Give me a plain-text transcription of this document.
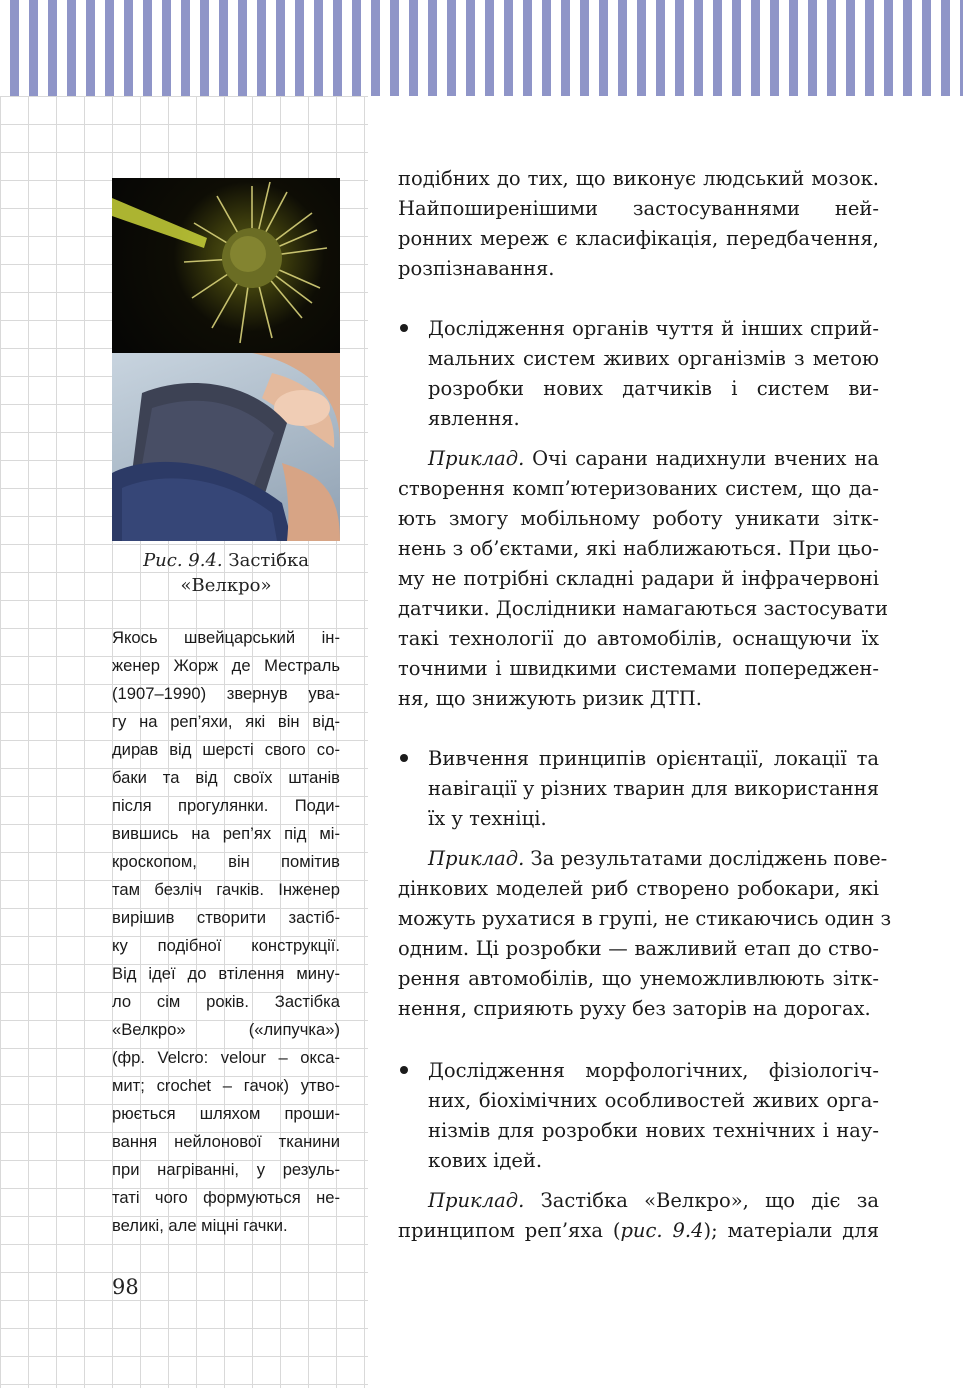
Рис. 9.4. Застібка
«Велкро»
Якось швейцарський ін-
женер Жорж де Местраль
(1907–1990) звернув ува-
гу на реп’яхи, які він від-
дирав від шерсті свого со-
баки та від своїх штанів
після прогулянки. Поди-
вившись на реп’ях під мі-
кроскопом, він помітив
там безліч гачків. Інженер
вирішив створити застіб-
ку подібної конструкції.
Від ідеї до втілення мину-
ло сім років. Застібка
«Велкро» («липучка»)
(фр. Velcro: velour – окса-
мит; crochet – гачок) утво-
рюється шляхом проши-
вання нейлонової тканини
при нагріванні, у резуль-
таті чого формуються не-
великі, але міцні гачки.
98
подібних до тих, що виконує людський мозок.
Найпоширенішими застосуваннями ней-
ронних мереж є класифікація, передбачення,
розпізнавання.
Дослідження органів чуття й інших сприй-
мальних систем живих організмів з метою
розробки нових датчиків і систем ви-
явлення.
Приклад. Очі сарани надихнули вчених на
створення комп’ютеризованих систем, що да-
ють змогу мобільному роботу уникати зітк-
нень з об’єктами, які наближаються. При цьо-
му не потрібні складні радари й інфрачервоні
датчики. Дослідники намагаються застосувати
такі технології до автомобілів, оснащуючи їх
точними і швидкими системами попереджен-
ня, що знижують ризик ДТП.
Вивчення принципів орієнтації, локації та
навігації у різних тварин для використання
їх у техніці.
Приклад. За результатами досліджень пове-
дінкових моделей риб створено робокари, які
можуть рухатися в групі, не стикаючись один з
одним. Ці розробки — важливий етап до ство-
рення автомобілів, що унеможливлюють зітк-
нення, сприяють руху без заторів на дорогах.
Дослідження морфологічних, фізіологіч-
них, біохімічних особливостей живих орга-
нізмів для розробки нових технічних і нау-
кових ідей.
Приклад. Застібка «Велкро», що діє за
принципом реп’яха (рис. 9.4); матеріали для
